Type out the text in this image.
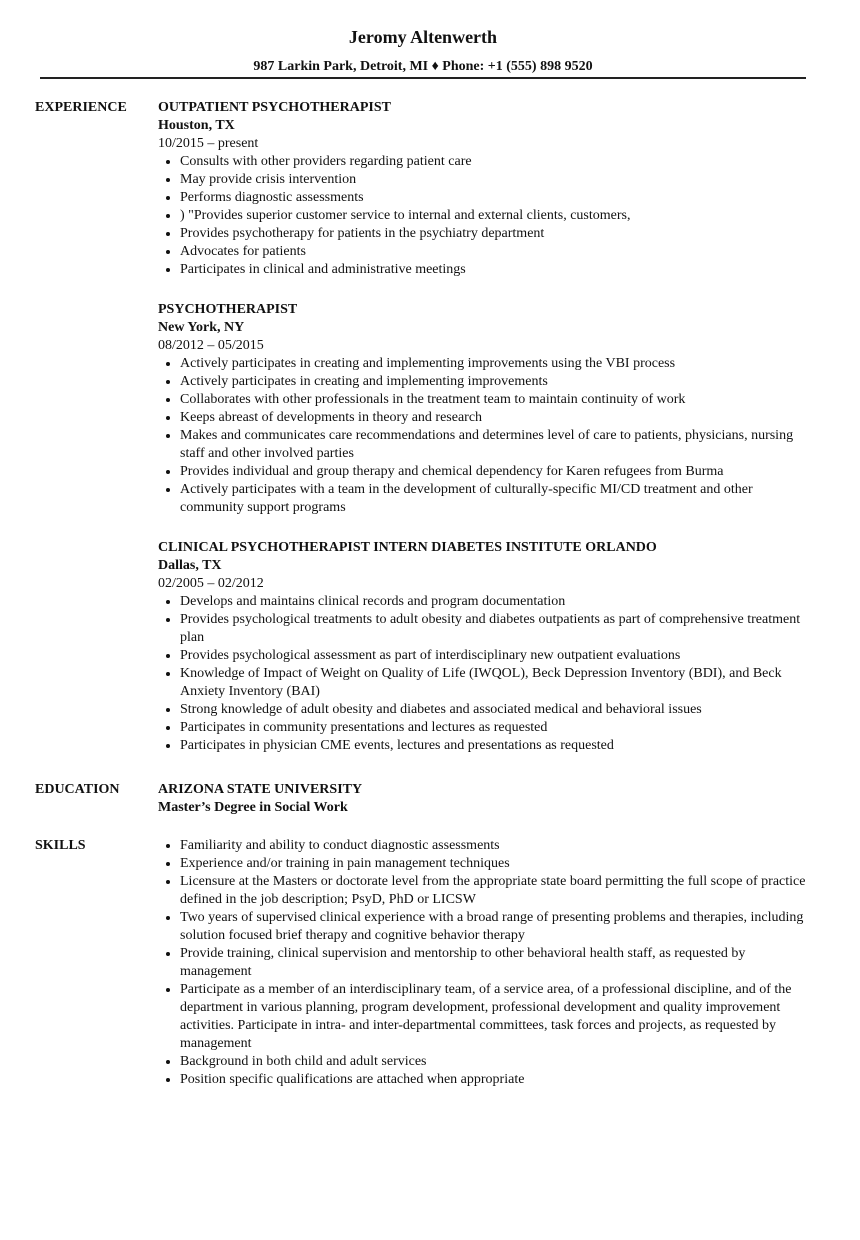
Jeromy Altenwerth
987 Larkin Park, Detroit, MI ♦ Phone: +1 (555) 898 9520
EXPERIENCE OUTPATIENT PSYCHOTHERAPIST
Houston, TX
10/2015 – present
• Consults with other providers regarding patient care
• May provide crisis intervention
• Performs diagnostic assessments
• ) "Provides superior customer service to internal and external clients, customers,
• Provides psychotherapy for patients in the psychiatry department
• Advocates for patients
• Participates in clinical and administrative meetings
PSYCHOTHERAPIST
New York, NY
08/2012 – 05/2015
• Actively participates in creating and implementing improvements using the VBI process
• Actively participates in creating and implementing improvements
• Collaborates with other professionals in the treatment team to maintain continuity of work
• Keeps abreast of developments in theory and research
• Makes and communicates care recommendations and determines level of care to patients, physicians, nursing staff and other involved parties
• Provides individual and group therapy and chemical dependency for Karen refugees from Burma
• Actively participates with a team in the development of culturally-specific MI/CD treatment and other community support programs
CLINICAL PSYCHOTHERAPIST INTERN DIABETES INSTITUTE ORLANDO
Dallas, TX
02/2005 – 02/2012
• Develops and maintains clinical records and program documentation
• Provides psychological treatments to adult obesity and diabetes outpatients as part of comprehensive treatment plan
• Provides psychological assessment as part of interdisciplinary new outpatient evaluations
• Knowledge of Impact of Weight on Quality of Life (IWQOL), Beck Depression Inventory (BDI), and Beck Anxiety Inventory (BAI)
• Strong knowledge of adult obesity and diabetes and associated medical and behavioral issues
• Participates in community presentations and lectures as requested
• Participates in physician CME events, lectures and presentations as requested
EDUCATION	ARIZONA STATE UNIVERSITY
Master’s Degree in Social Work
SKILLS
•	Familiarity and ability to conduct diagnostic assessments
• Experience and/or training in pain management techniques
• Licensure at the Masters or doctorate level from the appropriate state board permitting the full scope of practice defined in the job description; PsyD, PhD or LICSW
• Two years of supervised clinical experience with a broad range of presenting problems and therapies, including solution focused brief therapy and cognitive behavior therapy
• Provide training, clinical supervision and mentorship to other behavioral health staff, as requested by management
• Participate as a member of an interdisciplinary team, of a service area, of a professional discipline, and of the department in various planning, program development, professional development and quality improvement activities. Participate in intra- and inter-departmental committees, task forces and projects, as requested by management
• Background in both child and adult services
• Position specific qualifications are attached when appropriate
